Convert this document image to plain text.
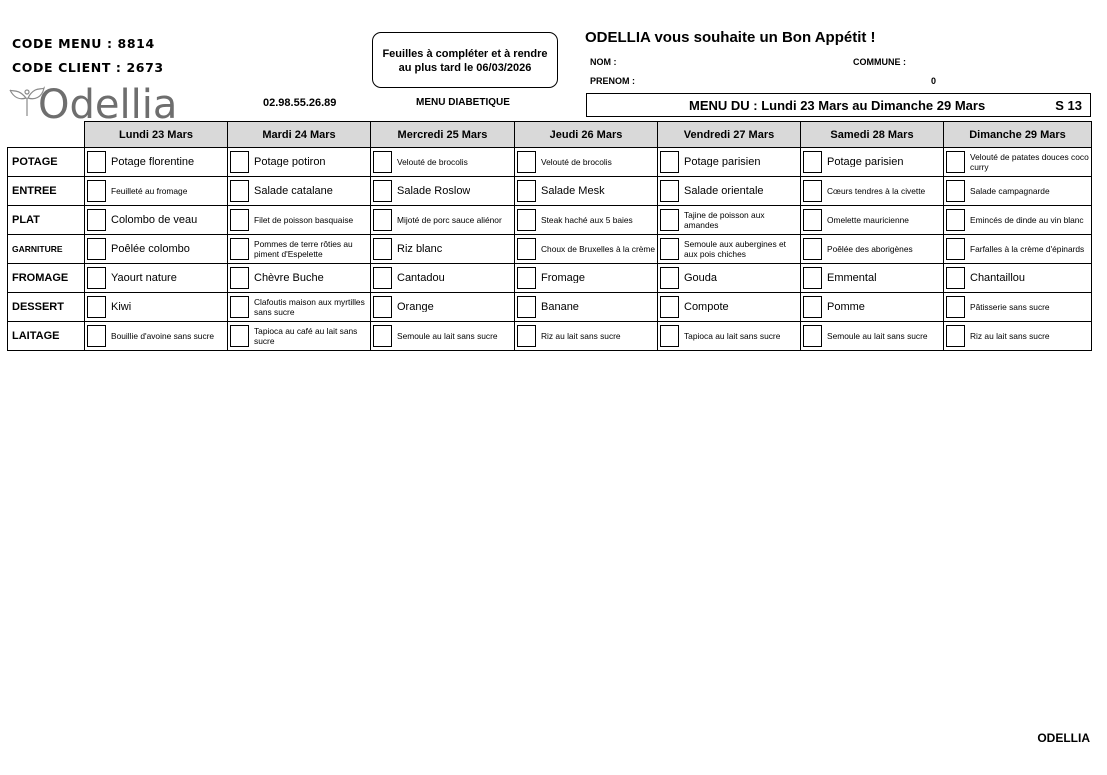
CODE MENU : 8814
CODE CLIENT : 2673
Odellia	02.98.55.26.89
Feuilles à compléter et à rendre
au plus tard le 06/03/2026
ODELLIA vous souhaite un Bon Appétit !
NOM :	COMMUNE :
PRENOM :	0
MENU DIABETIQUE	MENU DU : Lundi 23 Mars au Dimanche 29 Mars	S 13
	Lundi 23 Mars	Mardi 24 Mars	Mercredi 25 Mars	Jeudi 26 Mars	Vendredi 27 Mars	Samedi 28 Mars	Dimanche 29 Mars
POTAGE	Potage florentine	Potage potiron	Velouté de brocolis	Velouté de brocolis	Potage parisien	Potage parisien	Velouté de patates douces coco curry

ENTREE	Feuilleté au fromage	Salade catalane	Salade Roslow	Salade Mesk	Salade orientale	Cœurs tendres à la civette	Salade campagnarde

PLAT	Colombo de veau	Filet de poisson basquaise	Mijoté de porc sauce aliénor	Steak haché aux 5 baies	Tajine de poisson aux amandes	Omelette mauricienne	Emincés de dinde au vin blanc

GARNITURE	Poêlée colombo	Pommes de terre rôties au piment d'Espelette	Riz blanc	Choux de Bruxelles à la crème	Semoule aux aubergines et aux pois chiches	Poêlée des aborigènes	Farfalles à la crème d'épinards

FROMAGE	Yaourt nature	Chèvre Buche	Cantadou	Fromage	Gouda	Emmental	Chantaillou

DESSERT	Kiwi	Clafoutis maison aux myrtilles sans sucre	Orange	Banane	Compote	Pomme	Pâtisserie sans sucre

LAITAGE	Bouillie d'avoine sans sucre	Tapioca au café au lait sans sucre	Semoule au lait sans sucre	Riz au lait sans sucre	Tapioca au lait sans sucre	Semoule au lait sans sucre	Riz au lait sans sucre
ODELLIA
